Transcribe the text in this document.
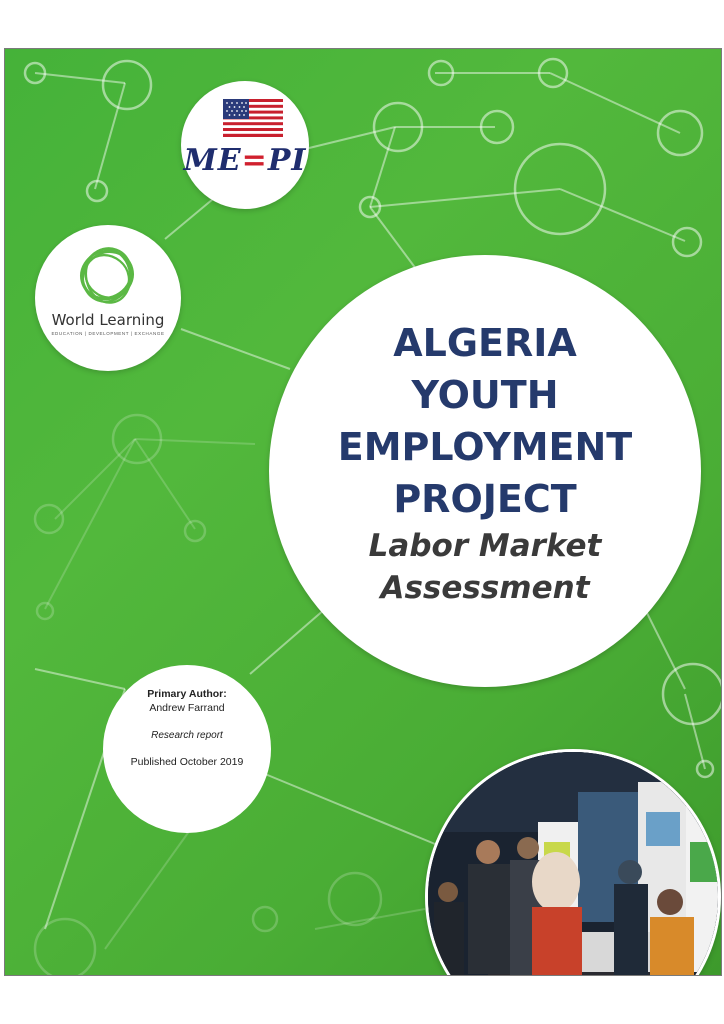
ME=PI
World Learning
EDUCATION | DEVELOPMENT | EXCHANGE	ALGERIA
YOUTH
EMPLOYMENT
PROJECT
Labor Market
Assessment
Primary Author:
Andrew Farrand
Research report
Published October 2019
